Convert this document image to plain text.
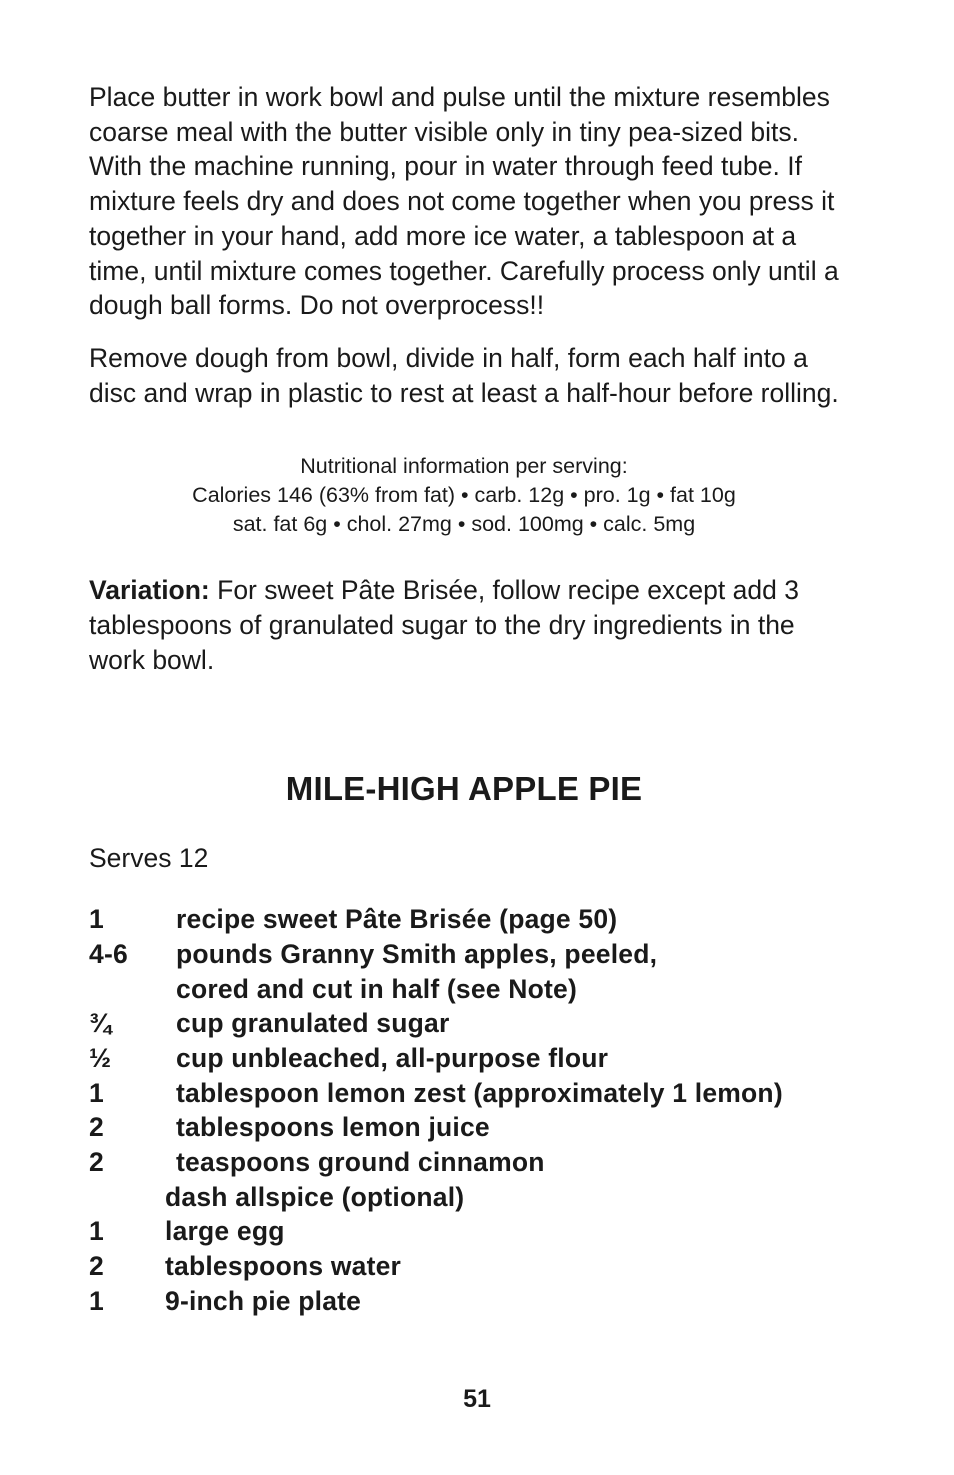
Place butter in work bowl and pulse until the mixture resembles coarse meal with the butter visible only in tiny pea-sized bits. With the machine running, pour in water through feed tube. If mixture feels dry and does not come together when you press it together in your hand, add more ice water, a tablespoon at a time, until mixture comes together. Carefully process only until a dough ball forms. Do not overprocess!!

Remove dough from bowl, divide in half, form each half into a disc and wrap in plastic to rest at least a half-hour before rolling.

Nutritional information per serving:
Calories 146 (63% from fat) • carb. 12g • pro. 1g • fat 10g
sat. fat 6g • chol. 27mg • sod. 100mg • calc. 5mg

Variation: For sweet Pâte Brisée, follow recipe except add 3 tablespoons of granulated sugar to the dry ingredients in the work bowl.

MILE-HIGH APPLE PIE
Serves 12
1	recipe sweet Pâte Brisée (page 50)
4-6	pounds Granny Smith apples, peeled,
cored and cut in half (see Note)
¾	cup granulated sugar
½	cup unbleached, all-purpose flour
1	tablespoon lemon zest (approximately 1 lemon)
2	tablespoons lemon juice
2	teaspoons ground cinnamon
dash allspice (optional)
1	large egg
2	tablespoons water
1	9-inch pie plate
51
